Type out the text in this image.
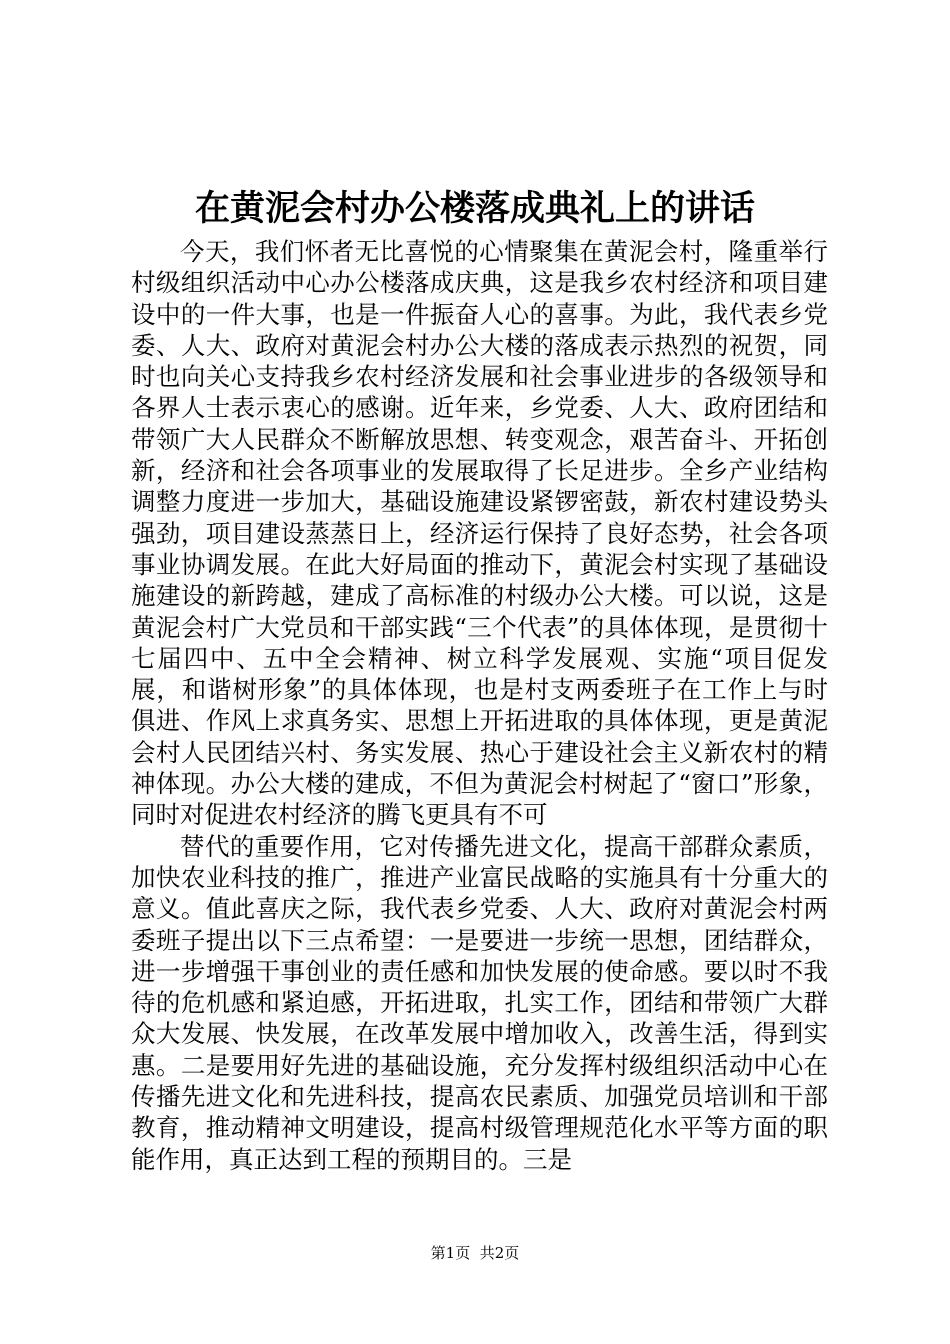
在黄泥会村办公楼落成典礼上的讲话

今天，我们怀者无比喜悦的心情聚集在黄泥会村，隆重举行村级组织活动中心办公楼落成庆典，这是我乡农村经济和项目建设中的一件大事，也是一件振奋人心的喜事。为此，我代表乡党委、人大、政府对黄泥会村办公大楼的落成表示热烈的祝贺，同时也向关心支持我乡农村经济发展和社会事业进步的各级领导和各界人士表示衷心的感谢。近年来，乡党委、人大、政府团结和带领广大人民群众不断解放思想、转变观念，艰苦奋斗、开拓创新，经济和社会各项事业的发展取得了长足进步。全乡产业结构调整力度进一步加大，基础设施建设紧锣密鼓，新农村建设势头强劲，项目建设蒸蒸日上，经济运行保持了良好态势，社会各项事业协调发展。在此大好局面的推动下，黄泥会村实现了基础设施建设的新跨越，建成了高标准的村级办公大楼。可以说，这是黄泥会村广大党员和干部实践“三个代表”的具体体现，是贯彻十七届四中、五中全会精神、树立科学发展观、实施“项目促发展，和谐树形象”的具体体现，也是村支两委班子在工作上与时俱进、作风上求真务实、思想上开拓进取的具体体现，更是黄泥会村人民团结兴村、务实发展、热心于建设社会主义新农村的精神体现。办公大楼的建成，不但为黄泥会村树起了“窗口”形象，同时对促进农村经济的腾飞更具有不可

替代的重要作用，它对传播先进文化，提高干部群众素质，加快农业科技的推广，推进产业富民战略的实施具有十分重大的意义。值此喜庆之际，我代表乡党委、人大、政府对黄泥会村两委班子提出以下三点希望：一是要进一步统一思想，团结群众，进一步增强干事创业的责任感和加快发展的使命感。要以时不我待的危机感和紧迫感，开拓进取，扎实工作，团结和带领广大群众大发展、快发展，在改革发展中增加收入，改善生活，得到实惠。二是要用好先进的基础设施，充分发挥村级组织活动中心在传播先进文化和先进科技，提高农民素质、加强党员培训和干部教育，推动精神文明建设，提高村级管理规范化水平等方面的职能作用，真正达到工程的预期目的。三是

第1页 共2页
